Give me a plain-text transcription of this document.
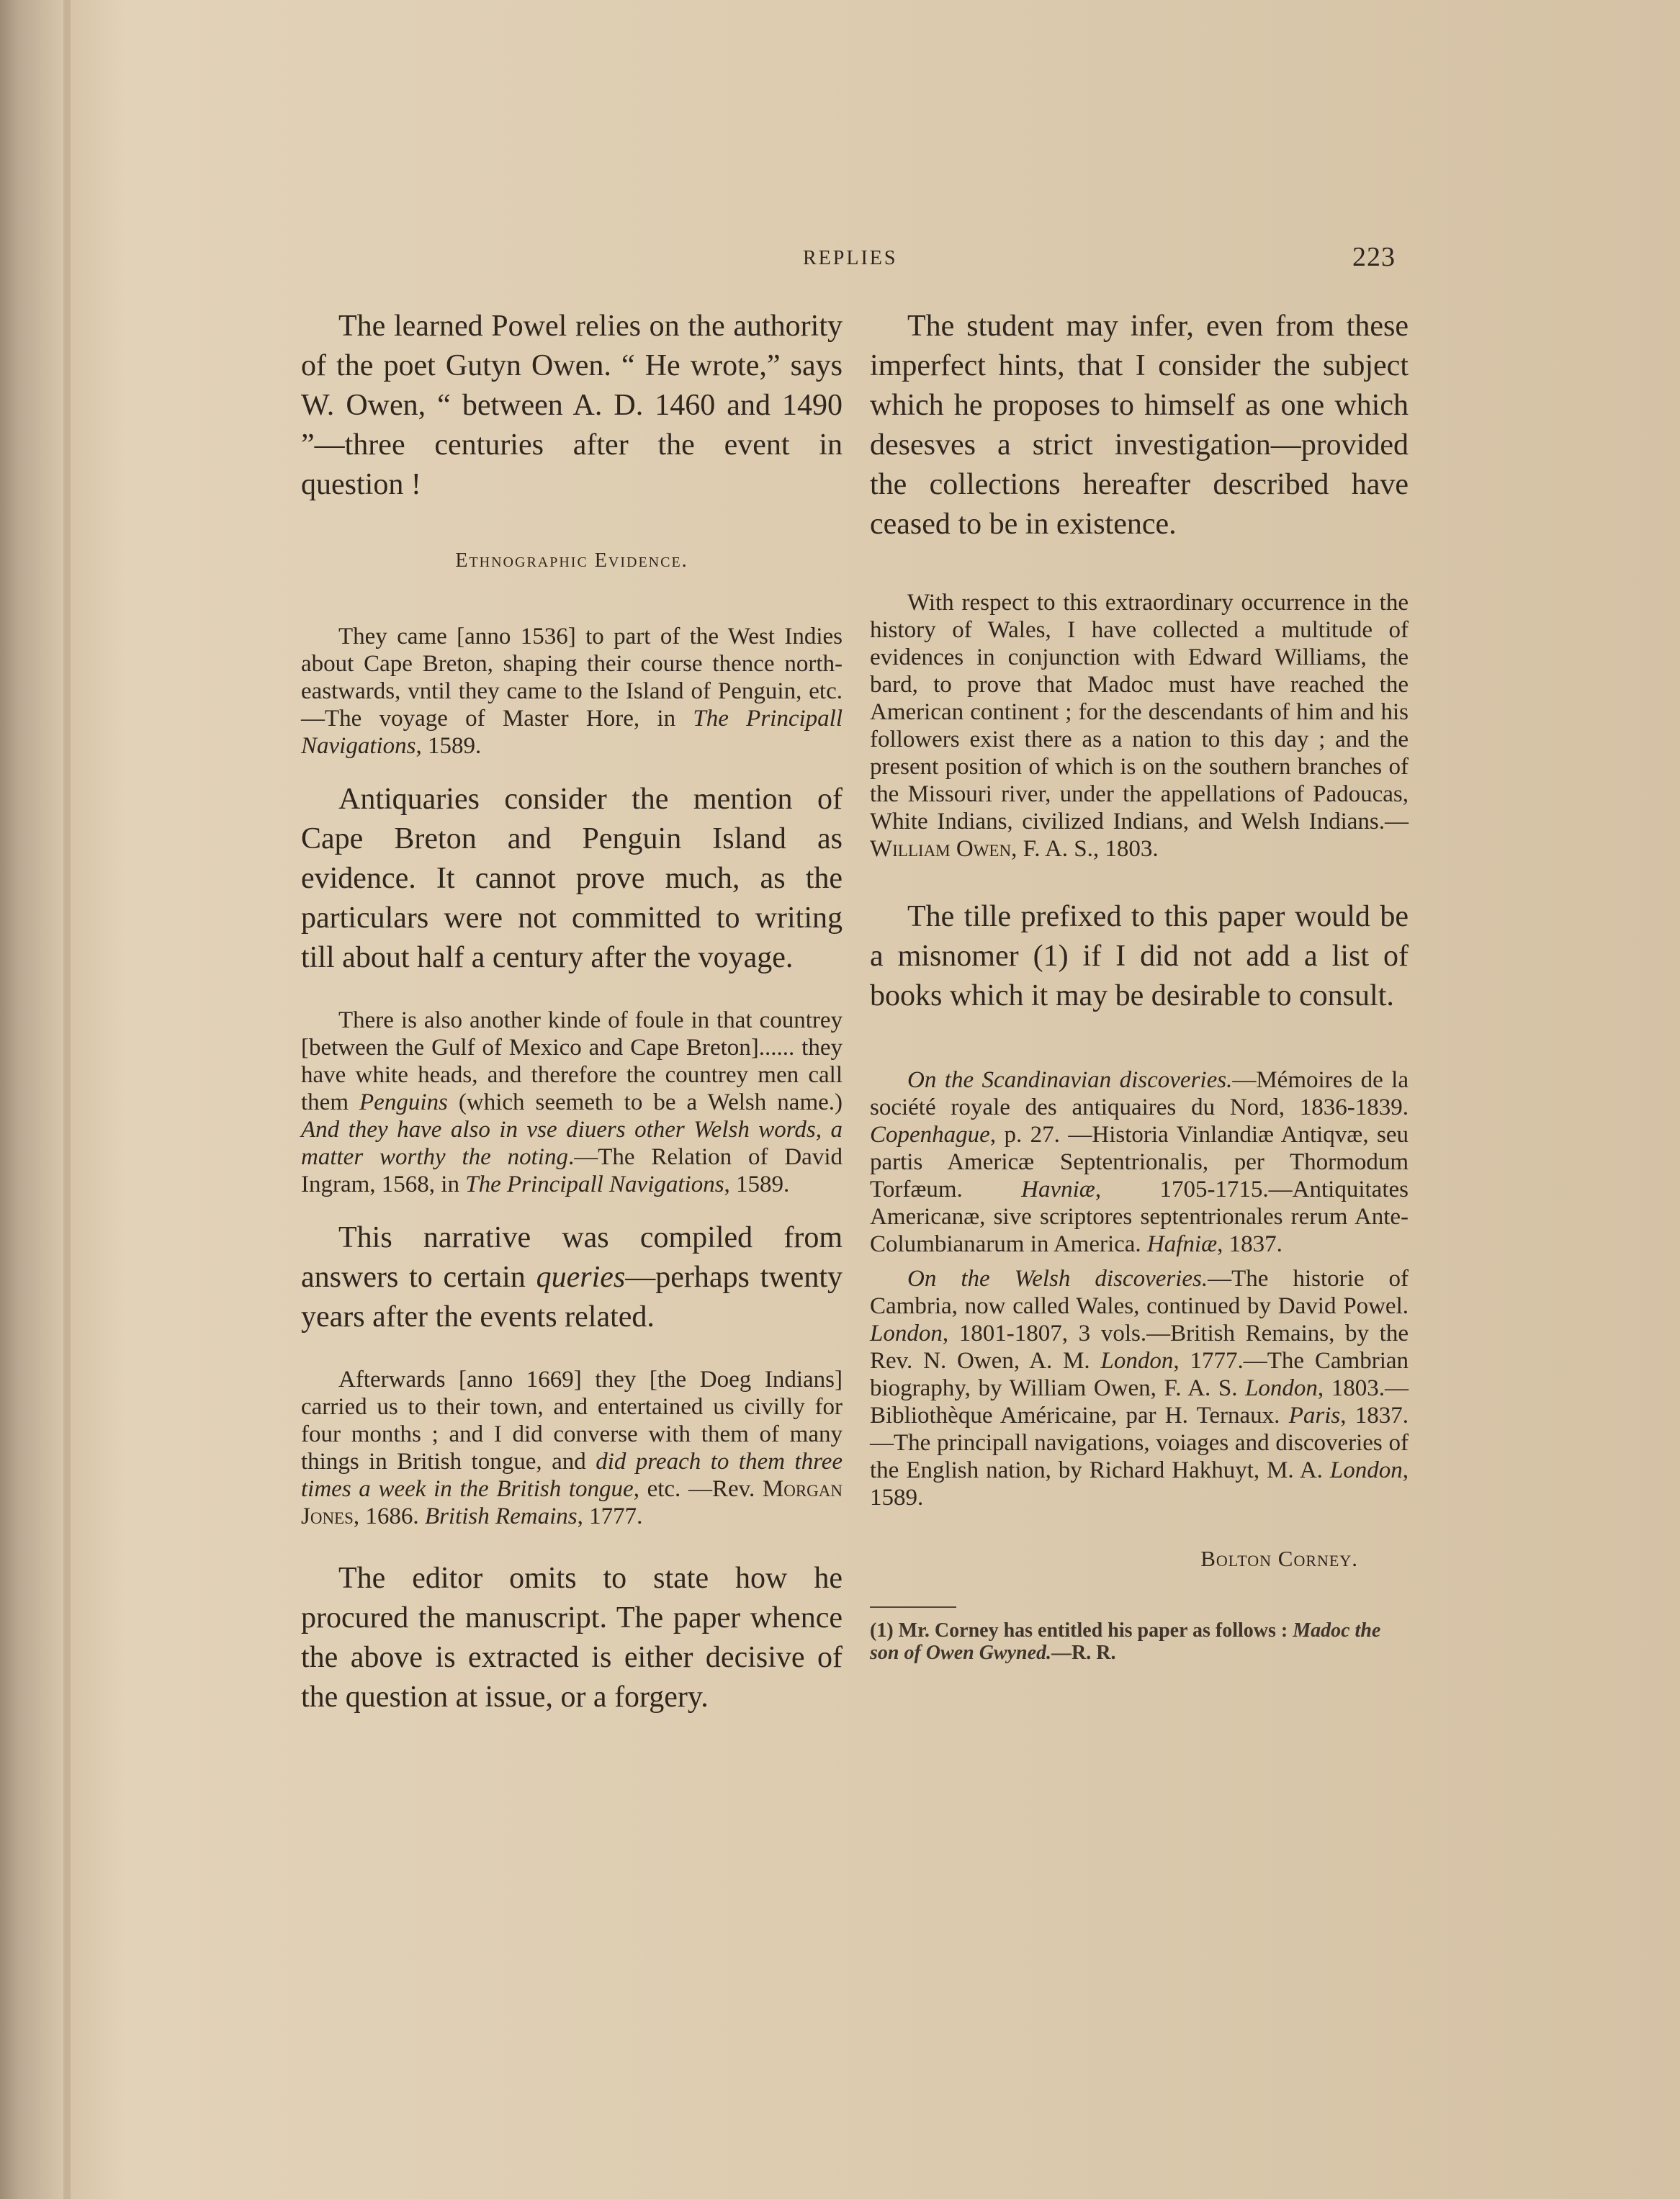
REPLIES	223

The learned Powel relies on the authority of the poet Gutyn Owen. “ He wrote,” says W. Owen, “ between A. D. 1460 and 1490 ”—three centuries after the event in question !

Ethnographic Evidence.

They came [anno 1536] to part of the West Indies about Cape Breton, shaping their course thence north-eastwards, vntil they came to the Island of Penguin, etc.—The voyage of Master Hore, in The Principall Navigations, 1589.

Antiquaries consider the mention of Cape Breton and Penguin Island as evidence. It cannot prove much, as the particulars were not committed to writing till about half a century after the voyage.

There is also another kinde of foule in that countrey [between the Gulf of Mexico and Cape Breton]...... they have white heads, and therefore the countrey men call them Penguins (which seemeth to be a Welsh name.) And they have also in vse diuers other Welsh words, a matter worthy the noting.—The Relation of David Ingram, 1568, in The Principall Navigations, 1589.

This narrative was compiled from answers to certain queries—perhaps twenty years after the events related.

Afterwards [anno 1669] they [the Doeg Indians] carried us to their town, and entertained us civilly for four months ; and I did converse with them of many things in British tongue, and did preach to them three times a week in the British tongue, etc. —Rev. Morgan Jones, 1686. British Remains, 1777.

The editor omits to state how he procured the manuscript. The paper whence the above is extracted is either decisive of the question at issue, or a forgery.

The student may infer, even from these imperfect hints, that I consider the subject which he proposes to himself as one which desesves a strict investigation—provided the collections hereafter described have ceased to be in existence.

With respect to this extraordinary occurrence in the history of Wales, I have collected a multitude of evidences in conjunction with Edward Williams, the bard, to prove that Madoc must have reached the American continent ; for the descendants of him and his followers exist there as a nation to this day ; and the present position of which is on the southern branches of the Missouri river, under the appellations of Padoucas, White Indians, civilized Indians, and Welsh Indians.—William Owen, F. A. S., 1803.

The tille prefixed to this paper would be a misnomer (1) if I did not add a list of books which it may be desirable to consult.

On the Scandinavian discoveries.—Mémoires de la société royale des antiquaires du Nord, 1836-1839. Copenhague, p. 27. —Historia Vinlandiæ Antiqvæ, seu partis Americæ Septentrionalis, per Thormodum Torfæum. Havniæ, 1705-1715.—Antiquitates Americanæ, sive scriptores septentrionales rerum Ante-Columbianarum in America. Hafniæ, 1837.

On the Welsh discoveries.—The historie of Cambria, now called Wales, continued by David Powel. London, 1801-1807, 3 vols.—British Remains, by the Rev. N. Owen, A. M. London, 1777.—The Cambrian biography, by William Owen, F. A. S. London, 1803.—Bibliothèque Américaine, par H. Ternaux. Paris, 1837.—The principall navigations, voiages and discoveries of the English nation, by Richard Hakhuyt, M. A. London, 1589.

Bolton Corney.

(1) Mr. Corney has entitled his paper as follows : Madoc the son of Owen Gwyned.—R. R.
